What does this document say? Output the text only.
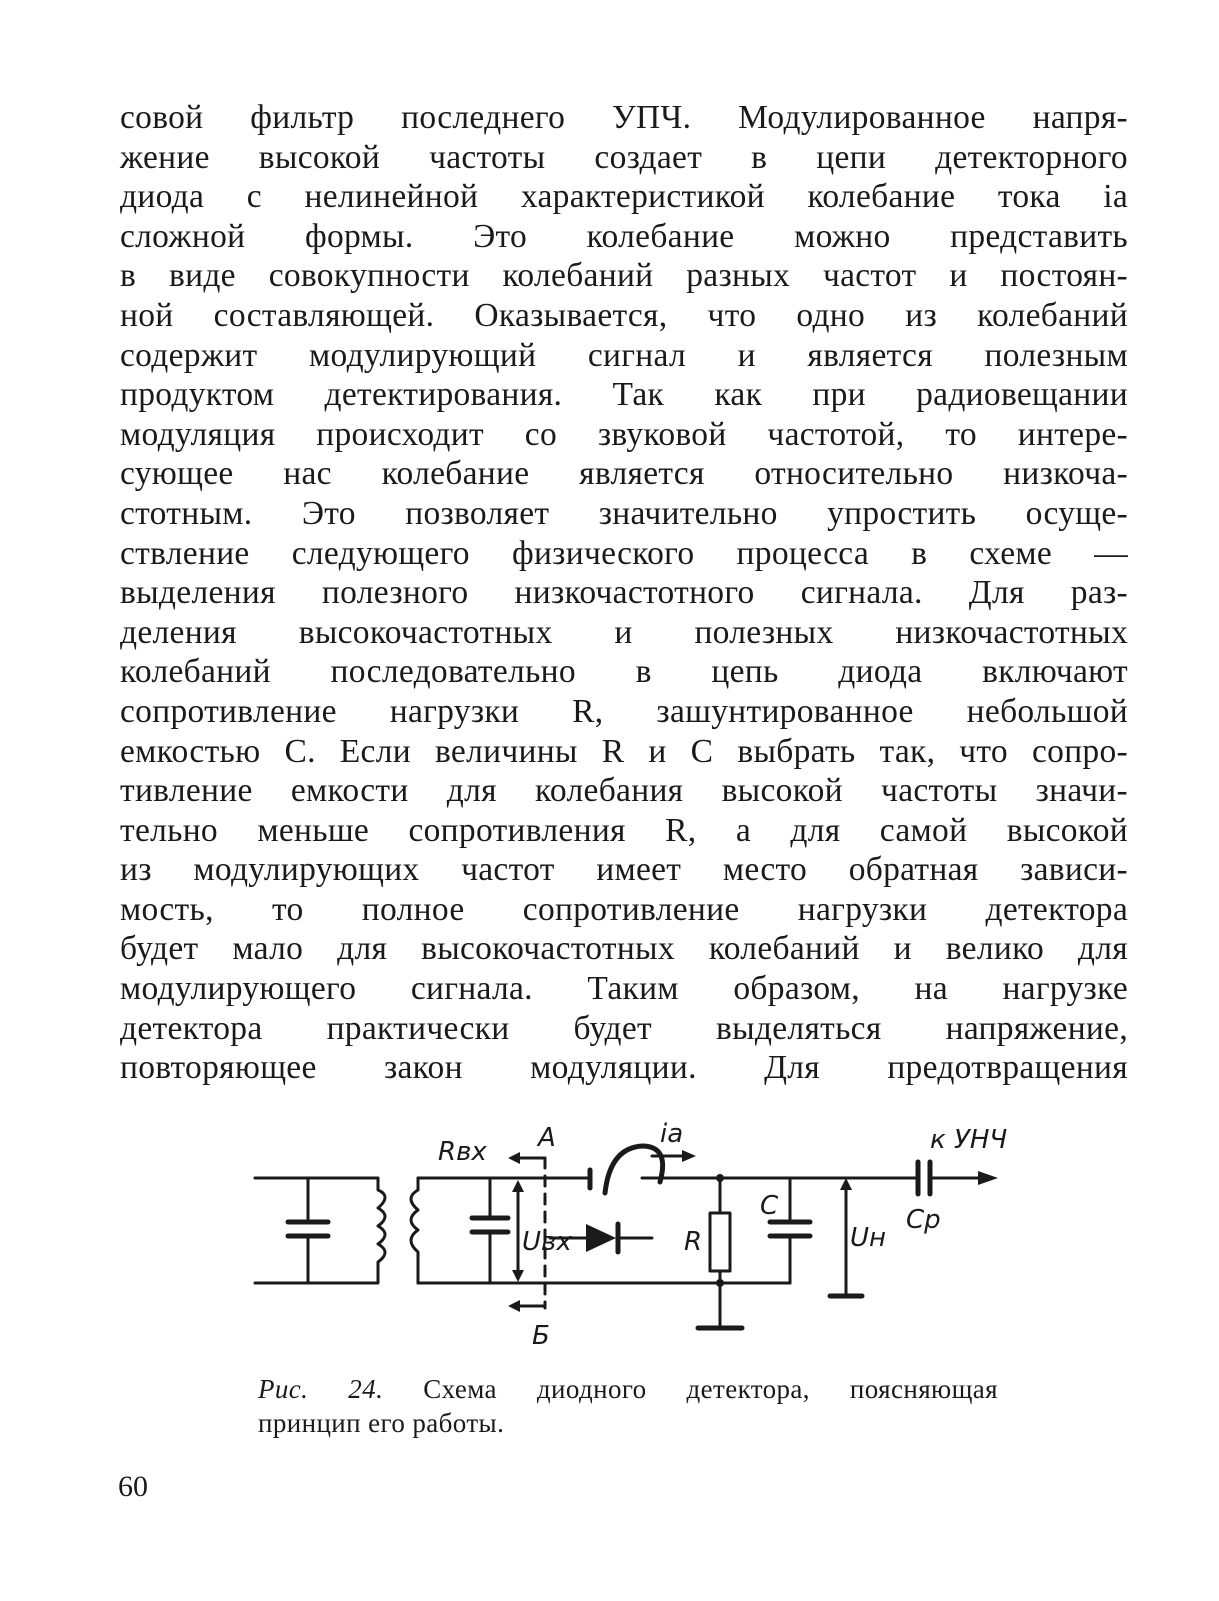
совой фильтр последнего УПЧ. Модулированное напря-
жение высокой частоты создает в цепи детекторного
диода с нелинейной характеристикой колебание тока iа
сложной формы. Это колебание можно представить
в виде совокупности колебаний разных частот и постоян-
ной составляющей. Оказывается, что одно из колебаний
содержит модулирующий сигнал и является полезным
продуктом детектирования. Так как при радиовещании
модуляция происходит со звуковой частотой, то интере-
сующее нас колебание является относительно низкоча-
стотным. Это позволяет значительно упростить осуще-
ствление следующего физического процесса в схеме —
выделения полезного низкочастотного сигнала. Для раз-
деления высокочастотных и полезных низкочастотных
колебаний последовательно в цепь диода включают
сопротивление нагрузки R, зашунтированное небольшой
емкостью C. Если величины R и C выбрать так, что сопро-
тивление емкости для колебания высокой частоты значи-
тельно меньше сопротивления R, а для самой высокой
из модулирующих частот имеет место обратная зависи-
мость, то полное сопротивление нагрузки детектора
будет мало для высокочастотных колебаний и велико для
модулирующего сигнала. Таким образом, на нагрузке
детектора практически будет выделяться напряжение,
повторяющее закон модуляции. Для предотвращения
Rвх А	iа	к УНЧ
Uвх	R
C
Uн
Cр
Б
Рис. 24. Схема диодного детектора, поясняющая
принцип его работы.
60
